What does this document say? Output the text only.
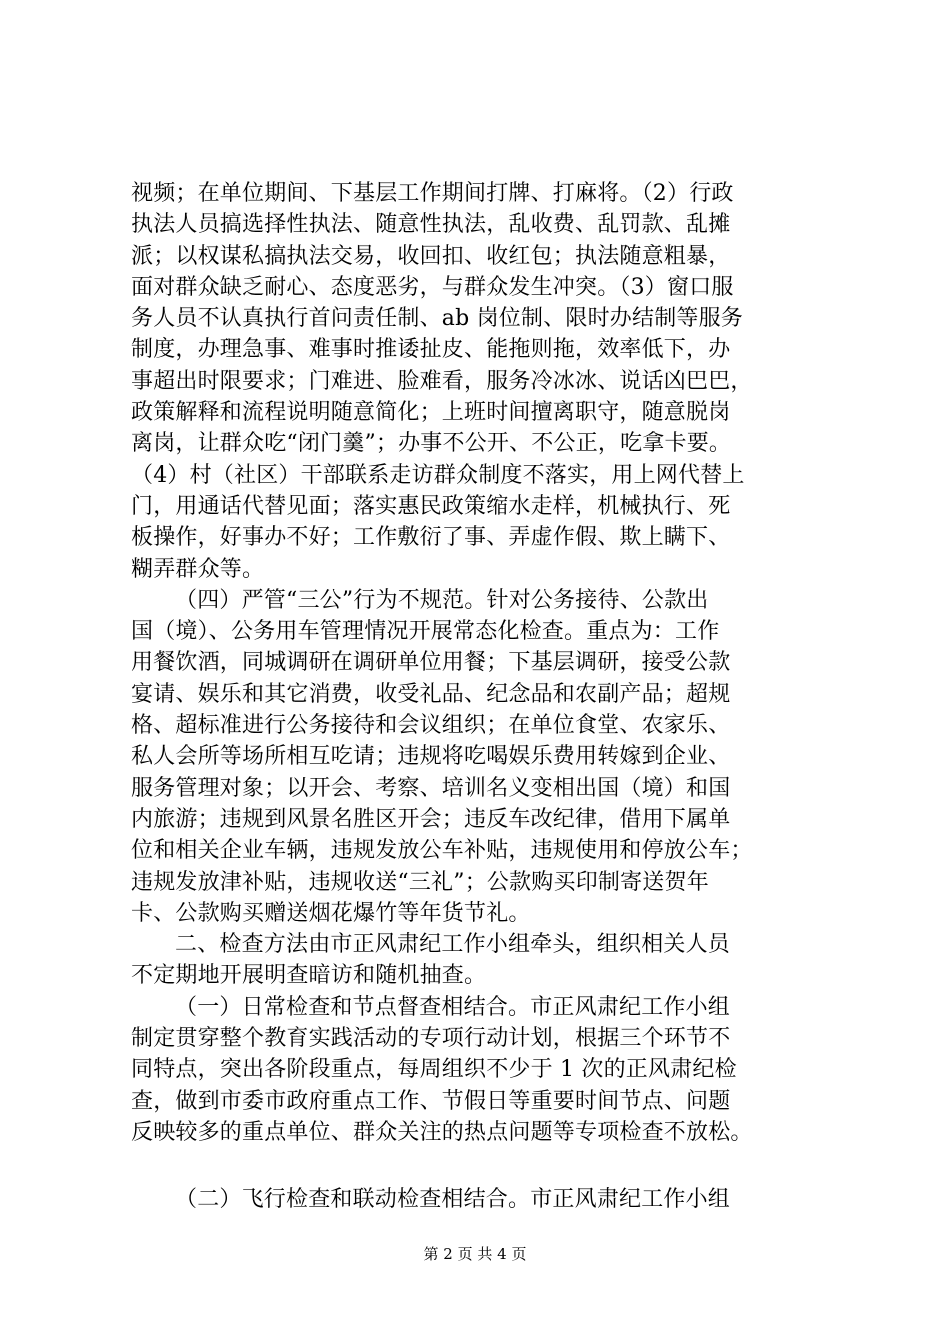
视频；在单位期间、下基层工作期间打牌、打麻将。（2）行政
执法人员搞选择性执法、随意性执法，乱收费、乱罚款、乱摊
派；以权谋私搞执法交易，收回扣、收红包；执法随意粗暴，
面对群众缺乏耐心、态度恶劣，与群众发生冲突。（3）窗口服
务人员不认真执行首问责任制、ab 岗位制、限时办结制等服务
制度，办理急事、难事时推诿扯皮、能拖则拖，效率低下，办
事超出时限要求；门难进、脸难看，服务冷冰冰、说话凶巴巴，
政策解释和流程说明随意简化；上班时间擅离职守，随意脱岗
离岗，让群众吃“闭门羹”；办事不公开、不公正，吃拿卡要。
（4）村（社区）干部联系走访群众制度不落实，用上网代替上
门，用通话代替见面；落实惠民政策缩水走样，机械执行、死
板操作，好事办不好；工作敷衍了事、弄虚作假、欺上瞒下、
糊弄群众等。
（四）严管“三公”行为不规范。针对公务接待、公款出
国（境）、公务用车管理情况开展常态化检查。重点为：工作
用餐饮酒，同城调研在调研单位用餐；下基层调研，接受公款
宴请、娱乐和其它消费，收受礼品、纪念品和农副产品；超规
格、超标准进行公务接待和会议组织；在单位食堂、农家乐、
私人会所等场所相互吃请；违规将吃喝娱乐费用转嫁到企业、
服务管理对象；以开会、考察、培训名义变相出国（境）和国
内旅游；违规到风景名胜区开会；违反车改纪律，借用下属单
位和相关企业车辆，违规发放公车补贴，违规使用和停放公车；
违规发放津补贴，违规收送“三礼”；公款购买印制寄送贺年
卡、公款购买赠送烟花爆竹等年货节礼。
二、检查方法由市正风肃纪工作小组牵头，组织相关人员
不定期地开展明查暗访和随机抽查。
（一）日常检查和节点督查相结合。市正风肃纪工作小组
制定贯穿整个教育实践活动的专项行动计划，根据三个环节不
同特点，突出各阶段重点，每周组织不少于 1 次的正风肃纪检
查，做到市委市政府重点工作、节假日等重要时间节点、问题
反映较多的重点单位、群众关注的热点问题等专项检查不放松。
（二）飞行检查和联动检查相结合。市正风肃纪工作小组
第 2 页 共 4 页
